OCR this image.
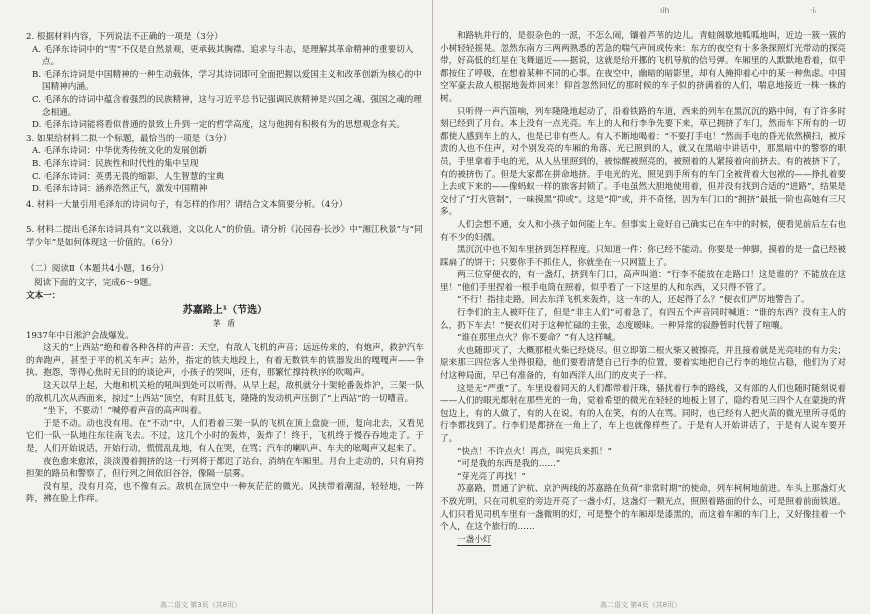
ıı̇h	·iᵢ

2. 根据材料内容，下列说法不正确的一项是（3分）

A. 毛泽东诗词中的“雪”不仅是自然景观，更承载其胸襟、追求与斗志，是理解其革命精神的重要切入点。

B. 毛泽东诗词是中国精神的一种生动载体，学习其诗词即可全面把握以爱国主义和改革创新为核心的中国精神内涵。

C. 毛泽东的诗词中蕴含着强烈的民族精神，这与习近平总书记强调民族精神是兴国之魂、强国之魂的理念相通。

D. 毛泽东诗词能将看似普通的景致上升到一定的哲学高度，这与他拥有积极有为的思想观念有关。

3. 如果给材料二拟一个标题，最恰当的一项是（3分）

A. 毛泽东诗词：中华优秀传统文化的发展创新

B. 毛泽东诗词：民族性和时代性的集中呈现

C. 毛泽东诗词：英勇无畏的缩影，人生智慧的宝典

D. 毛泽东诗词：涵养浩然正气，激发中国精神

4. 材料一大量引用毛泽东的诗词句子，有怎样的作用？请结合文本简要分析。（4分）

5. 材料二提出毛泽东诗词具有“文以载道，文以化人”的价值。请分析《沁园春·长沙》中“湘江秋景”与“同学少年”是如何体现这一价值的。（6分）

（二）阅读Ⅱ（本题共4小题，16分）

阅读下面的文字，完成6～9题。

文本一：

苏嘉路上¹（节选）

茅 盾

1937年中日淞沪会战爆发。

这天的“上西站”绝和着各种各样的声音：天空，有敌人飞机的声音；远远传来的，有炮声，救护汽车的奔跑声，甚至于平的机关车声；站外，指定的铁夫地段上，有着无数铁车的铁器发出的嘎嘎声——争执、抱怨，等得心焦时无目的的谈论声，小孩子的哭叫，还有，那繁忙撑持秩序的吹喝声。

这天以早上起，大炮和机关枪的吼叫到处可以听得。从早上起，敌机就分十架轮番轰炸沪，三架一队的敌机几次从西面来，掠过“上西站”顶空，有时且低飞，隆隆的发动机声压倒了“上西站”的一切嘈音。

“坐下，不要动！”喊停着声音的高声叫着。

于是不动。动也没有用。在“不动”中，人们看着三架一队的飞机在顶上盘旋一匝，复向北去，又看见它们一队一队地往东往南飞去。不过，这几个小时的轰炸，轰炸了！终于，飞机终于慢吞吞地走了。于是，人们开始说话，开始行动，慌慌乱乱地，有人在哭，在骂；汽车的喇叭声、车夫的吆喝声又起来了。

夜色愈来愈浓，淡淡漫着拥挤的这一行列将于都迟了站台，消纳在车厢里。月台上走动的，只有肩挎担架的路员和警察了，但行列之间依旧谷谷，像隔一层雾。

没有星，没有月亮，也不像有云。敌机在顶空中一种灰茫茫的微光。风挟带着潮湿，轻轻地，一阵阵，拂在脸上作痒。

高二语文 第3页（共8页）

和路轨并行的，是很杂色的一派，不怎么闹，镶着芦苇的边儿。青蛙阁歇地呱呱地叫，近边一簇一簇的小树轻轻摇晃。忽然东南方三两两熟悉的苦急的喘气声间或传来：东方的夜空有十多条探照灯光带动的探亮带，好高低的红星在飞舞逼近——据说，这就是给开挪的飞机导航的信号弹。车厢里的人默默地看着，似乎都按住了呼吸，在想着某种不同的心事。在夜空中，幽暗的暗影里，却有人掩抑着心中的某一种焦虑。中国空军豪去敌人根据地轰炸回来！仰首忽然回忆的那时候的车子似的挤满着的人们，喘息地接近一株一株的树。

只听得一声汽笛响，列车隆隆地起动了，沿着铁路的车道，西来的列车在黑沉沉的路中间，有了许多时刻已经到了月台。本上没有一点光亮。车上的人和行李争先要下来，草已拥挤了车门，然而车下所有的一切都使人感到车上的人，也是已非有些人。有人不断地喝着：“不要打手电！”然而手电的昏光依然横扫，被斥责的人也不住声，对个别发亮的车厢的角落、光已照到的人，就又在黑暗中讲话中，那黑暗中的警察的职员，手里拿着手电的光，从人丛里照到的，被惊醒被照亮的，被照着的人紧接着向前挤去。有的被挤下了，有的被挤伤了。但是大家都在拼命地挤。手电光的光，照见到手所有的车门全被背着大包袱的——挣扎着要上去或下来的——像蚂蚁一样的旅客封锁了。手电虽然大胆地使用着，但并没有找到合适的“进路”，结果是交付了“打火管制”，一味摸黑“抑或”。这是“抑”或，并不奇怪，因为车门口的“拥挤”最抵一阶也高她有三尺多。

人们会想不通，女人和小孩子如何能上车。但事实上竟好自己确实已在车中的时候，便看见前后左右也有不少的妇孺。

黑沉沉中也不知车里挤到怎样程度。只知道一件：你已经不能动。你要是一伸脚，摸着的是一盒已经被踩扁了的饼干；只要你手不抓住人，你就坐在一只网篮上了。

两三位穿便衣的，有一盏灯，挤到车门口，高声叫道：“行李不能放在走路口！这是谁的？不能放在这里！”他们手里捏着一根手电筒在照着，似乎看了一下这里的人和东西，又只得不管了。

“不行！指挂走路，回去东洋飞机来轰炸，这一车的人，还起得了么？”便衣们严厉地警告了。

行李们的主人被吓住了，但是“非主人们”可着急了，有四五个声音同时喊道：“谁的东西？没有主人的么，扔下车去！”便衣们对于这种忙碌的主张，态度暧昧。一种异常的寂静暂时代替了喧嚷。

“谁在那里点火？你不要命？”有人这样喊。

火也随即灭了，大概那根火柴已经烧尽。但立即第二根火柴又被擦亮，并且接着就是光亮哇的有力尖；原来那三四位客人坐得很稳，他们要看清楚自己行李的位置，要着实地把自己行李的地位占稳，他们为了对付这种局面，早已有准备的，有如西洋人出门的皮夹子一样。

这是无“严重”了。车里设着同天的人们都带着汗珠，骚扰着行李的路线，又有部的人们也随时随刻说着——人们的眼光都射在那些光的一角，觉着希望的微光在轻轻的地板上冒了，隐约看见三四个人在蒙拢的背包边上，有的人做了，有的人在说，有的人在笑，有的人在骂。同时，也已经有人把火苗的微光里所寻觅的行李都找到了。行李们是都挤在一角上了，车上也就像样些了。于是有人开始讲话了，于是有人说车要开了。

“快点！不许点火！再点，叫宪兵来抓！”

“可是我的东西是我的……”

“芽光亮了再找！”

苏嘉路，贯通了沪杭、京沪两线的苏嘉路在负荷“非常时期”的使命，列车柯柯地前进。车头上那盏灯火不放光明，只在司机室的旁边开亮了一盏小灯，这盏灯一颗光点，照照着路面的什么，可是照着前面铁道。人们只看见司机车里有一盏微明的灯，可是整个的车厢却是漆黑的，而这着车厢的车门上，又好像挂着一个个人，在这个旅行的……

一盏小灯

高二语文 第4页（共8页）
